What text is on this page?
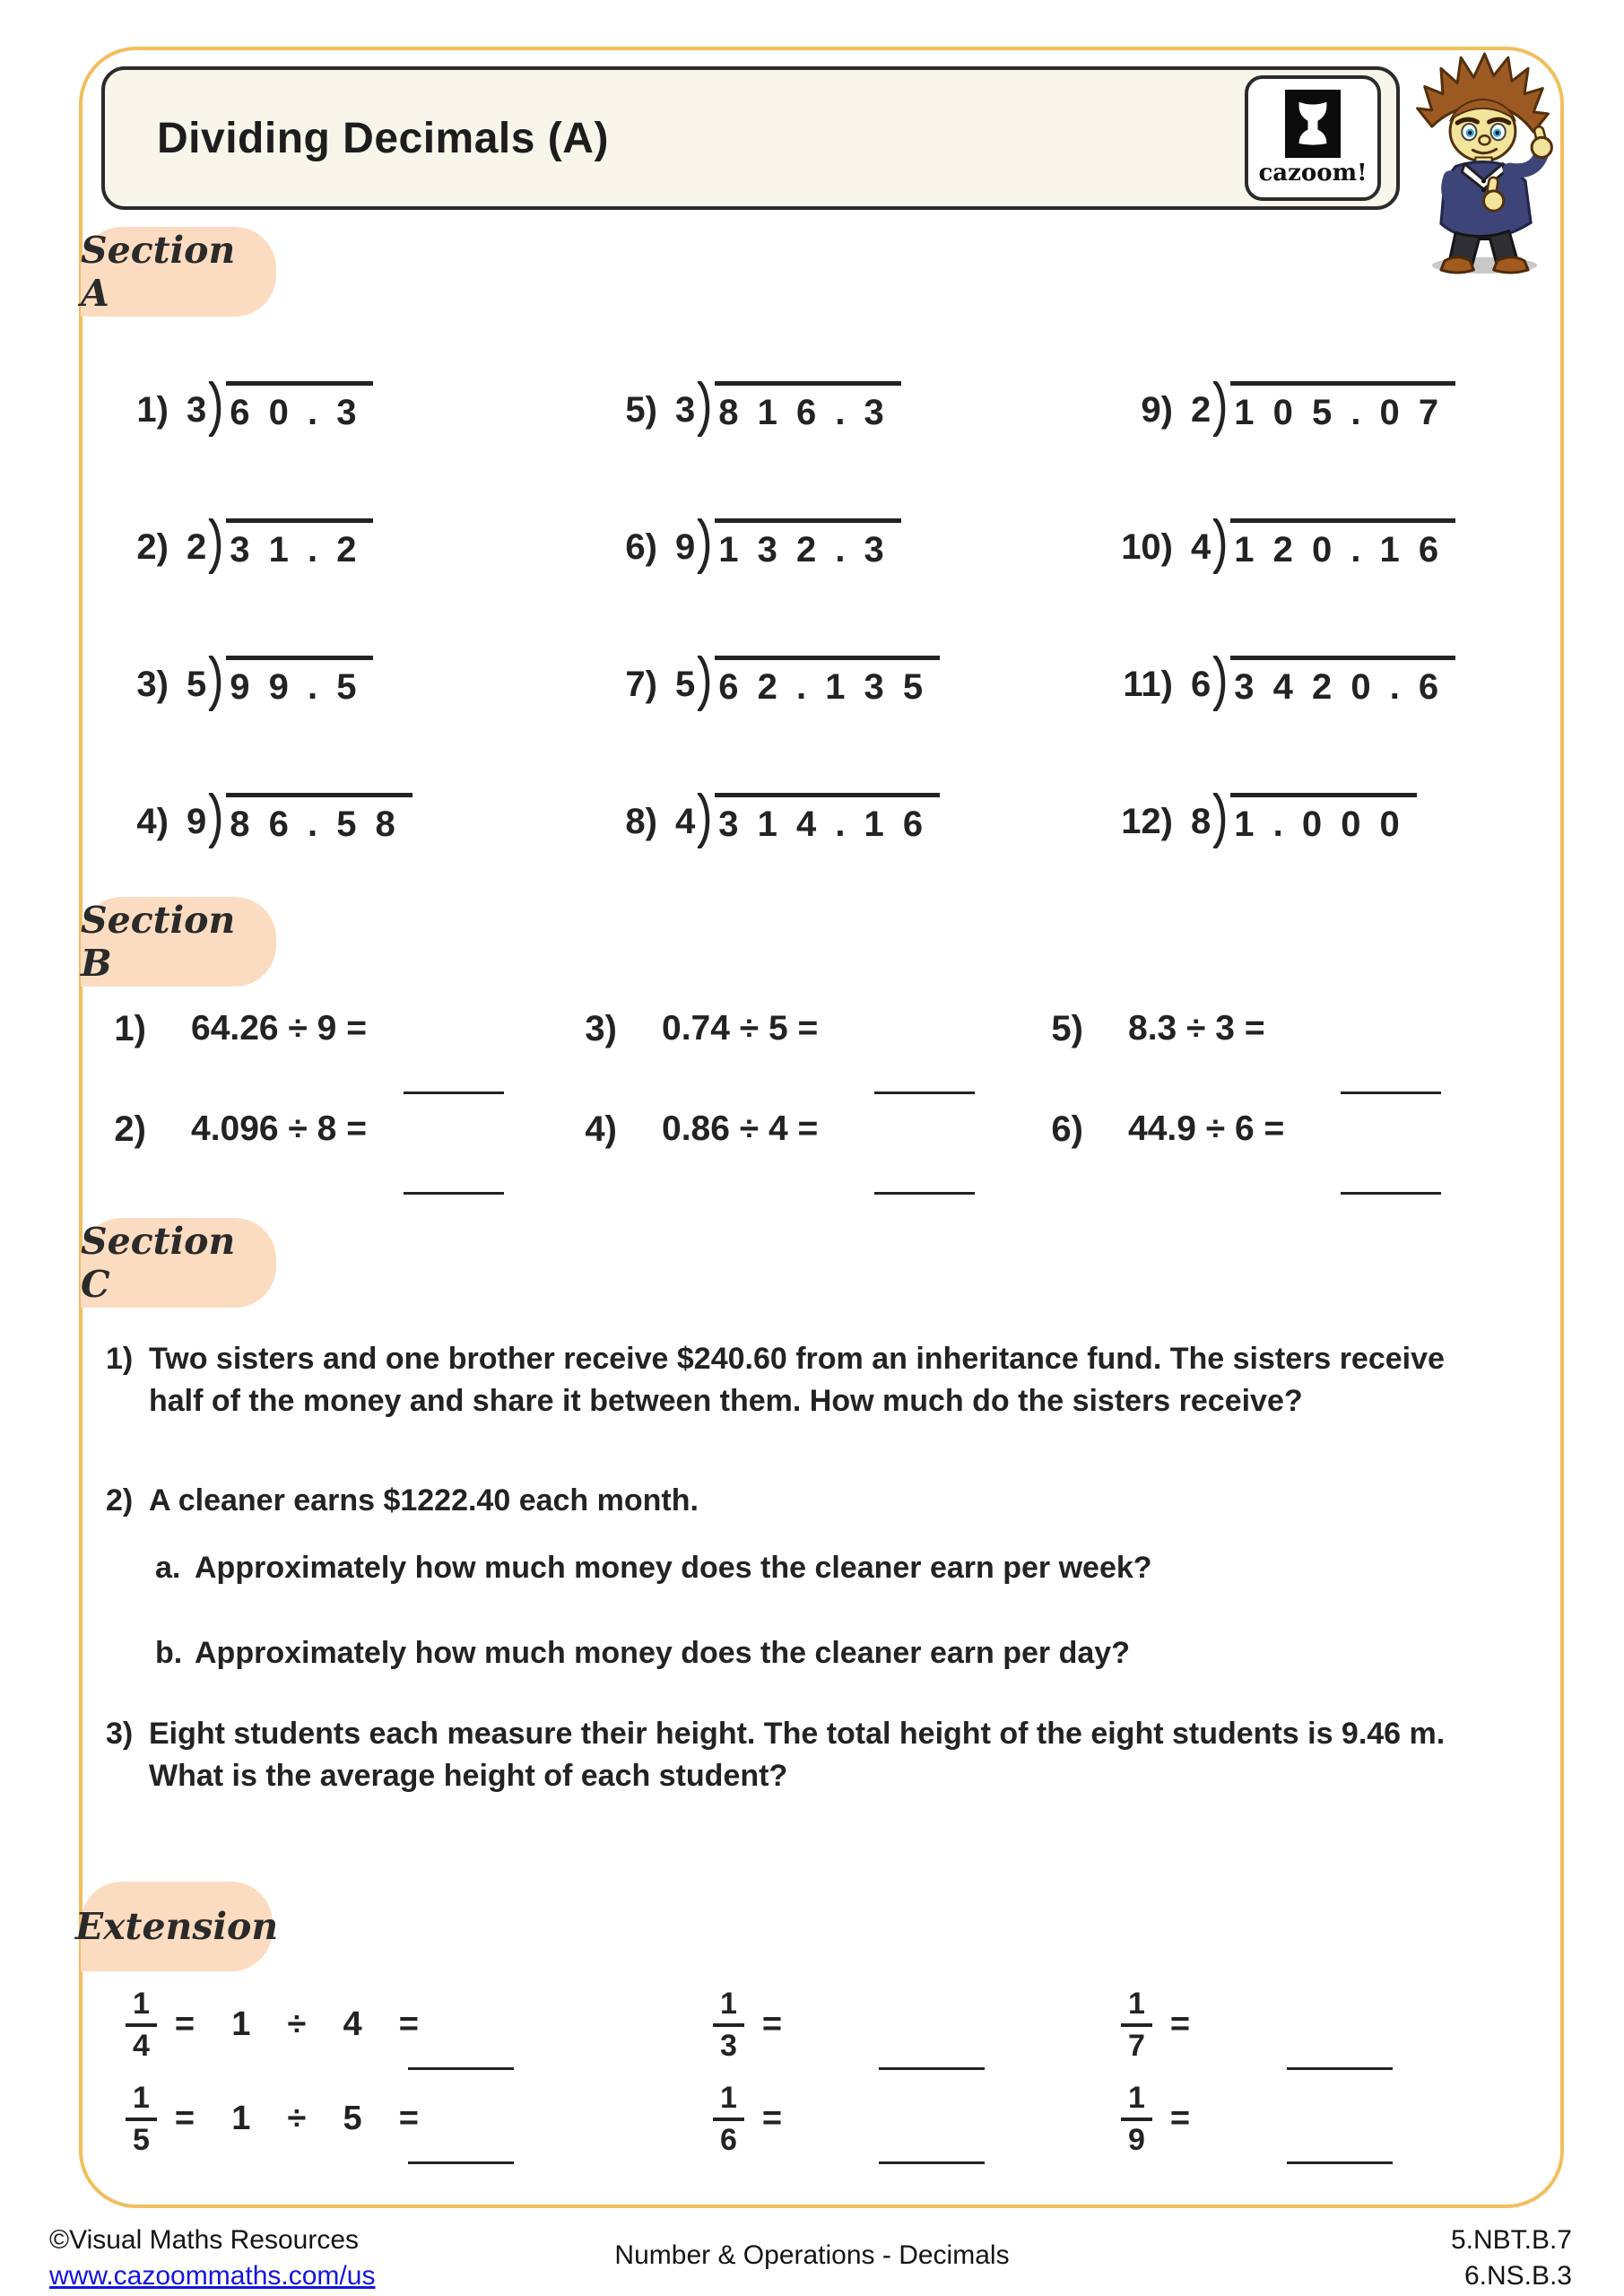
Dividing Decimals (A)
cazoom!
Section A
Section B
Section C
Extension
1) 3 6 0 . 3	5) 3 8 1 6 . 3	9) 2 1 0 5 . 0 7
2) 2 3 1 . 2	6) 9 1 3 2 . 3	10) 4 1 2 0 . 1 6
3) 5 9 9 . 5	7) 5 6 2 . 1 3 5	11) 6 3 4 2 0 . 6
4) 9 8 6 . 5 8	8) 4 3 1 4 . 1 6	12) 8 1 . 0 0 0
1) 64.26 ÷ 9 =	3) 0.74 ÷ 5 =	5) 8.3 ÷ 3 =
2) 4.096 ÷ 8 =	4) 0.86 ÷ 4 =	6) 44.9 ÷ 6 =
1) Two sisters and one brother receive $240.60 from an inheritance fund. The sisters receive half of the money and share it between them. How much do the sisters receive?
2) A cleaner earns $1222.40 each month.
a. Approximately how much money does the cleaner earn per week?
b. Approximately how much money does the cleaner earn per day?
3) Eight students each measure their height. The total height of the eight students is 9.46 m. What is the average height of each student?
$\frac{1}{4} = 1 \div 4$  =	$\frac{1}{3}$ =	$\frac{1}{7}$ =
$\frac{1}{5} = 1 \div 5$  =	$\frac{1}{6}$ =	$\frac{1}{9}$ =
©Visual Maths Resources
www.cazoommaths.com/us
Number & Operations - Decimals
5.NBT.B.7
6.NS.B.3
